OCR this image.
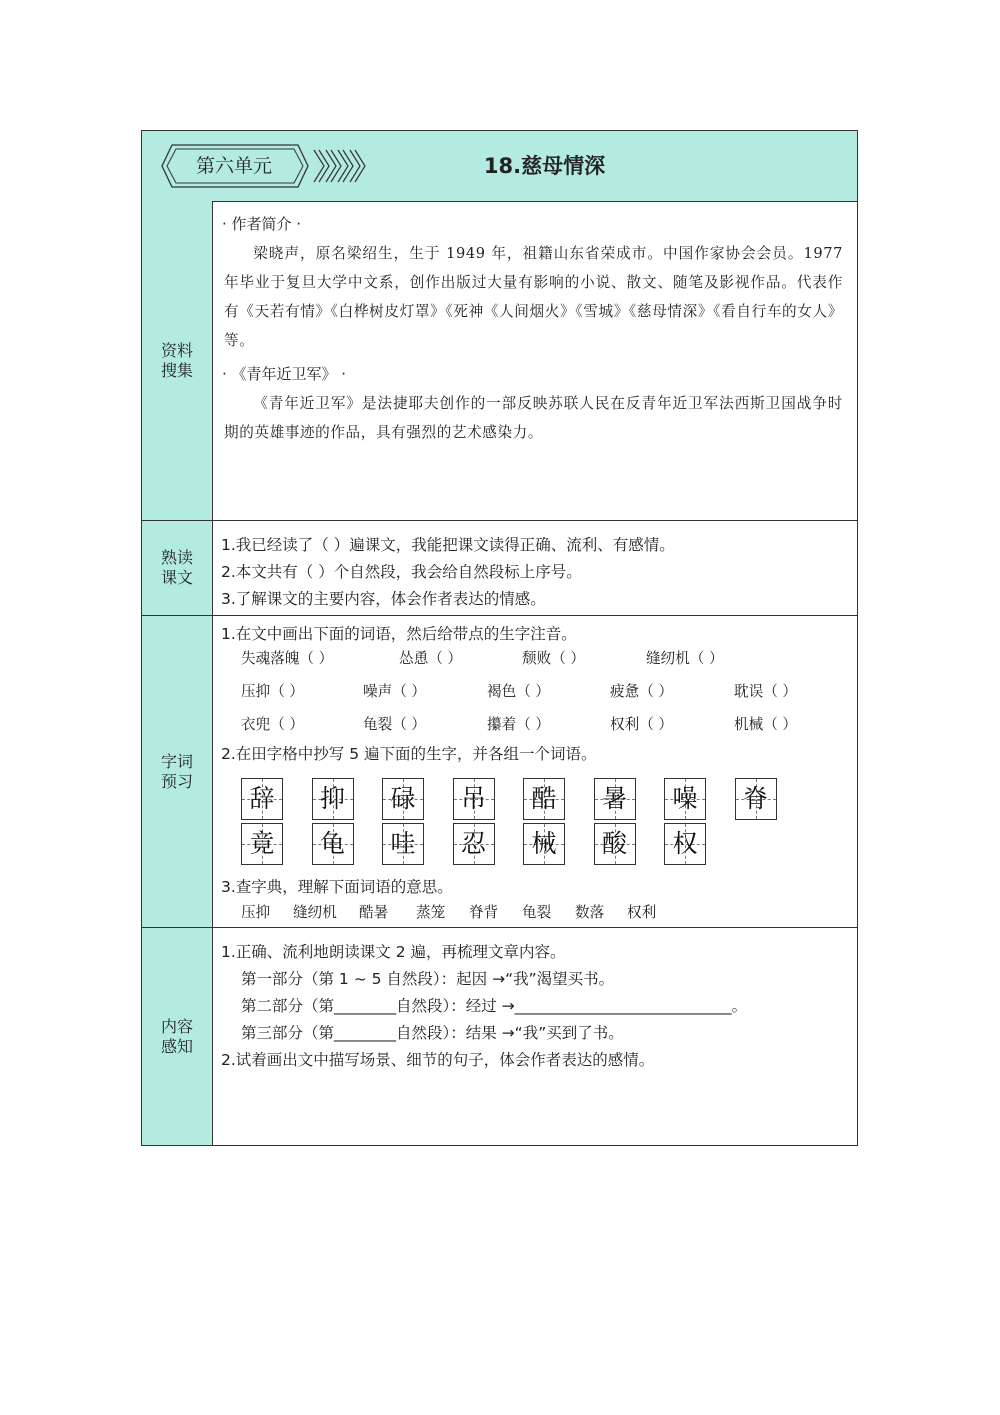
第六单元	18.慈母情深
资料搜集
· 作者简介 ·
梁晓声，原名梁绍生，生于 1949 年，祖籍山东省荣成市。中国作家协会会员。1977 年毕业于复旦大学中文系，创作出版过大量有影响的小说、散文、随笔及影视作品。代表作有《天若有情》《白桦树皮灯罩》《死神《人间烟火》《雪城》《慈母情深》《看自行车的女人》等。
· 《青年近卫军》 ·
《青年近卫军》是法捷耶夫创作的一部反映苏联人民在反青年近卫军法西斯卫国战争时期的英雄事迹的作品，具有强烈的艺术感染力。
熟读课文
1.我已经读了（ ）遍课文，我能把课文读得正确、流利、有感情。
2.本文共有（ ）个自然段，我会给自然段标上序号。
3.了解课文的主要内容，体会作者表达的情感。
字词预习
1.在文中画出下面的词语，然后给带点的生字注音。
失魂落魄（ ）	怂恿（ ）	颓败（ ）	缝纫机（ ）
压抑（ ）	噪声（ ）	褐色（ ）	疲惫（ ）	耽误（ ）
衣兜（ ）	龟裂（ ）	攥着（ ）	权利（ ）	机械（ ）
2.在田字格中抄写 5 遍下面的生字，并各组一个词语。
辞	抑	碌	吊	酷	暑	噪	脊
竟	龟	哇	忍	械	酸	权
3.查字典，理解下面词语的意思。
压抑 缝纫机 酷暑 蒸笼 脊背 龟裂 数落 权利
内容感知
1.正确、流利地朗读课文 2 遍，再梳理文章内容。
第一部分（第 1 ~ 5 自然段）：起因 →“我”渴望买书。
第二部分（第________自然段）：经过 →____________________________。
第三部分（第________自然段）：结果 →“我”买到了书。
2.试着画出文中描写场景、细节的句子，体会作者表达的感情。
